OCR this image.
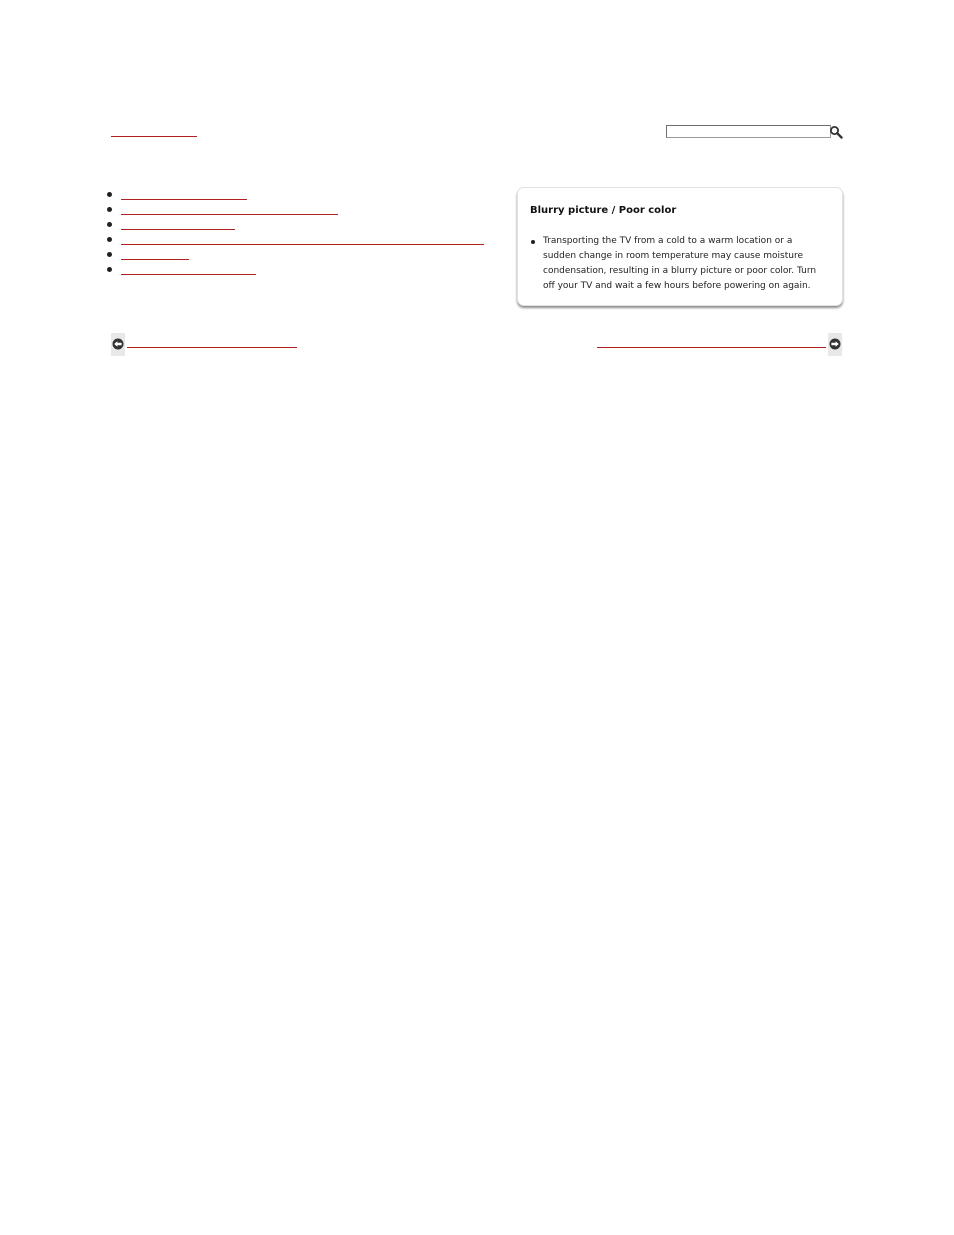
Blurry picture / Poor color
Transporting the TV from a cold to a warm location or a sudden change in room temperature may cause moisture condensation, resulting in a blurry picture or poor color. Turn off your TV and wait a few hours before powering on again.
